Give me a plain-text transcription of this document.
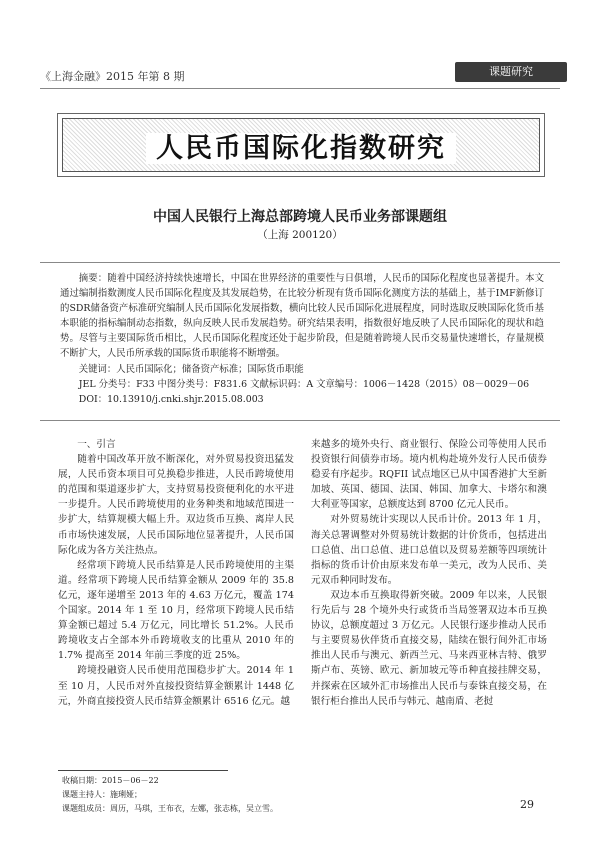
《上海金融》2015 年第 8 期	课题研究
人民币国际化指数研究
中国人民银行上海总部跨境人民币业务部课题组
（上海 200120）

摘要：随着中国经济持续快速增长，中国在世界经济的重要性与日俱增，人民币的国际化程度也显著提升。本文通过编制指数测度人民币国际化程度及其发展趋势，在比较分析现有货币国际化测度方法的基础上，基于IMF新修订的SDR储备资产标准研究编制人民币国际化发展指数，横向比较人民币国际化进展程度，同时选取反映国际化货币基本职能的指标编制动态指数，纵向反映人民币发展趋势。研究结果表明，指数很好地反映了人民币国际化的现状和趋势。尽管与主要国际货币相比，人民币国际化程度还处于起步阶段，但是随着跨境人民币交易量快速增长，存量规模不断扩大，人民币所承载的国际货币职能将不断增强。

关键词：人民币国际化；储备资产标准；国际货币职能

JEL 分类号：F33 中图分类号：F831.6 文献标识码：A 文章编号：1006－1428（2015）08－0029－06

DOI：10.13910/j.cnki.shjr.2015.08.003

一、引言

随着中国改革开放不断深化，对外贸易投资迅猛发展，人民币资本项目可兑换稳步推进，人民币跨境使用的范围和渠道逐步扩大，支持贸易投资便利化的水平进一步提升。人民币跨境使用的业务种类和地域范围进一步扩大，结算规模大幅上升。双边货币互换、离岸人民币市场快速发展，人民币国际地位显著提升，人民币国际化成为各方关注热点。

经常项下跨境人民币结算是人民币跨境使用的主渠道。经常项下跨境人民币结算金额从 2009 年的 35.8 亿元，逐年递增至 2013 年的 4.63 万亿元，覆盖 174 个国家。2014 年 1 至 10 月，经常项下跨境人民币结算金额已超过 5.4 万亿元，同比增长 51.2%。人民币跨境收支占全部本外币跨境收支的比重从 2010 年的 1.7% 提高至 2014 年前三季度的近 25%。

跨境投融资人民币使用范围稳步扩大。2014 年 1 至 10 月，人民币对外直接投资结算金额累计 1448 亿元，外商直接投资人民币结算金额累计 6516 亿元。越

来越多的境外央行、商业银行、保险公司等使用人民币投资银行间债券市场。境内机构赴境外发行人民币债券稳妥有序起步。RQFII 试点地区已从中国香港扩大至新加坡、英国、德国、法国、韩国、加拿大、卡塔尔和澳大利亚等国家，总额度达到 8700 亿元人民币。

对外贸易统计实现以人民币计价。2013 年 1 月，海关总署调整对外贸易统计数据的计价货币，包括进出口总值、出口总值、进口总值以及贸易差额等四项统计指标的货币计价由原来发布单一美元，改为人民币、美元双币种同时发布。

双边本币互换取得新突破。2009 年以来，人民银行先后与 28 个境外央行或货币当局签署双边本币互换协议，总额度超过 3 万亿元。人民银行逐步推动人民币与主要贸易伙伴货币直接交易，陆续在银行间外汇市场推出人民币与澳元、新西兰元、马来西亚林吉特、俄罗斯卢布、英镑、欧元、新加坡元等币种直接挂牌交易，并探索在区域外汇市场推出人民币与泰铢直接交易，在银行柜台推出人民币与韩元、越南盾、老挝

收稿日期：2015－06－22
课题主持人：施琍娅；
课题组成员：周历，马琪，王布衣，左娜，张志栋，吴立雪。	29
